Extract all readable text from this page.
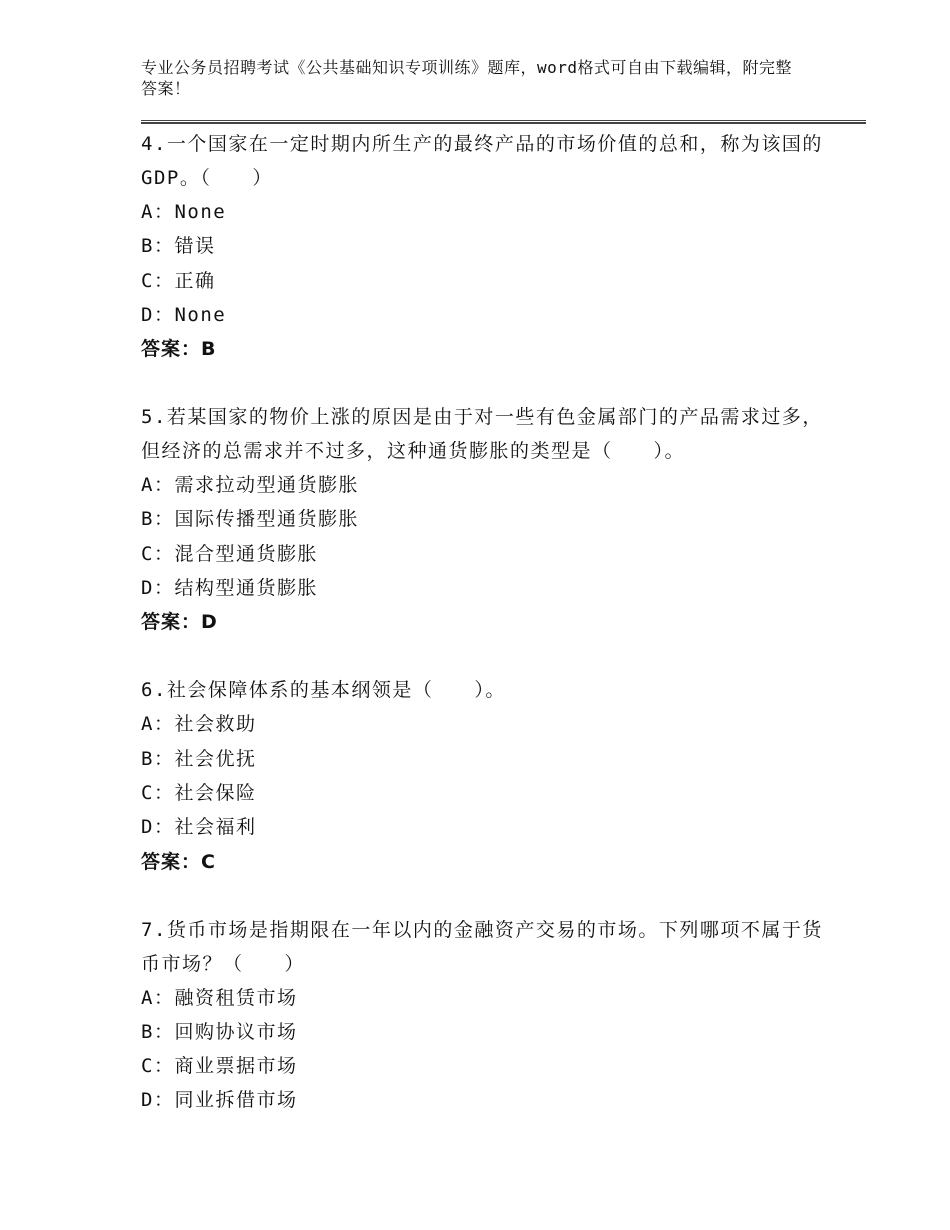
专业公务员招聘考试《公共基础知识专项训练》题库，word格式可自由下载编辑，附完整答案！
4.一个国家在一定时期内所生产的最终产品的市场价值的总和，称为该国的GDP。（　　）
A：None
B：错误
C：正确
D：None
答案：B
5.若某国家的物价上涨的原因是由于对一些有色金属部门的产品需求过多，但经济的总需求并不过多，这种通货膨胀的类型是（　　）。
A：需求拉动型通货膨胀
B：国际传播型通货膨胀
C：混合型通货膨胀
D：结构型通货膨胀
答案：D
6.社会保障体系的基本纲领是（　　）。
A：社会救助
B：社会优抚
C：社会保险
D：社会福利
答案：C
7.货币市场是指期限在一年以内的金融资产交易的市场。下列哪项不属于货币市场？（　　）
A：融资租赁市场
B：回购协议市场
C：商业票据市场
D：同业拆借市场
